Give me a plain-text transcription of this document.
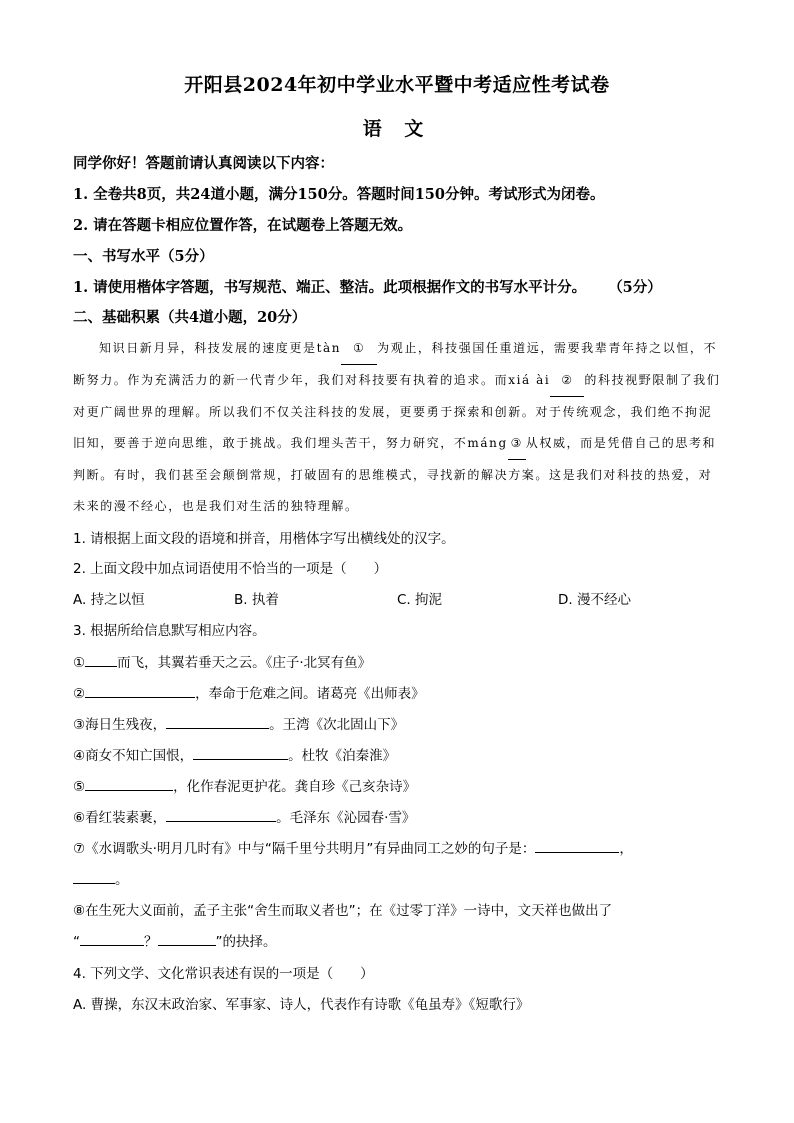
开阳县2024年初中学业水平暨中考适应性考试卷
语 文
同学你好！答题前请认真阅读以下内容：
1. 全卷共8页，共24道小题，满分150分。答题时间150分钟。考试形式为闭卷。
2. 请在答题卡相应位置作答，在试题卷上答题无效。
一、书写水平（5分）
1. 请使用楷体字答题，书写规范、端正、整洁。此项根据作文的书写水平计分。 （5分）
二、基础积累（共4道小题，20分）
知识日新月异，科技发展的速度更是tàn ① 为观止，科技强国任重道远，需要我辈青年持之以恒，不断努力。作为充满活力的新一代青少年，我们对科技要有执着的追求。而xiá ài ② 的科技视野限制了我们对更广阔世界的理解。所以我们不仅关注科技的发展，更要勇于探索和创新。对于传统观念，我们绝不拘泥旧知，要善于逆向思维，敢于挑战。我们埋头苦干，努力研究，不máng ③ 从权威，而是凭借自己的思考和判断。有时，我们甚至会颠倒常规，打破固有的思维模式，寻找新的解决方案。这是我们对科技的热爱，对未来的漫不经心，也是我们对生活的独特理解。
1. 请根据上面文段的语境和拼音，用楷体字写出横线处的汉字。
2. 上面文段中加点词语使用不恰当的一项是（　　）
A. 持之以恒	B. 执着	C. 拘泥	D. 漫不经心
3. 根据所给信息默写相应内容。
① 而飞，其翼若垂天之云。《庄子·北冥有鱼》
②	，奉命于危难之间。诸葛亮《出师表》
③海日生残夜，	。王湾《次北固山下》
④商女不知亡国恨，	。杜牧《泊秦淮》
⑤	，化作春泥更护花。龚自珍《己亥杂诗》
⑥看红装素裹，	。毛泽东《沁园春·雪》
⑦《水调歌头·明月几时有》中与“隔千里兮共明月”有异曲同工之妙的句子是：	，
。
⑧在生死大义面前，孟子主张“舍生而取义者也”；在《过零丁洋》一诗中，文天祥也做出了
“	？	”的抉择。
4. 下列文学、文化常识表述有误的一项是（　　）
A. 曹操，东汉末政治家、军事家、诗人，代表作有诗歌《龟虽寿》《短歌行》
